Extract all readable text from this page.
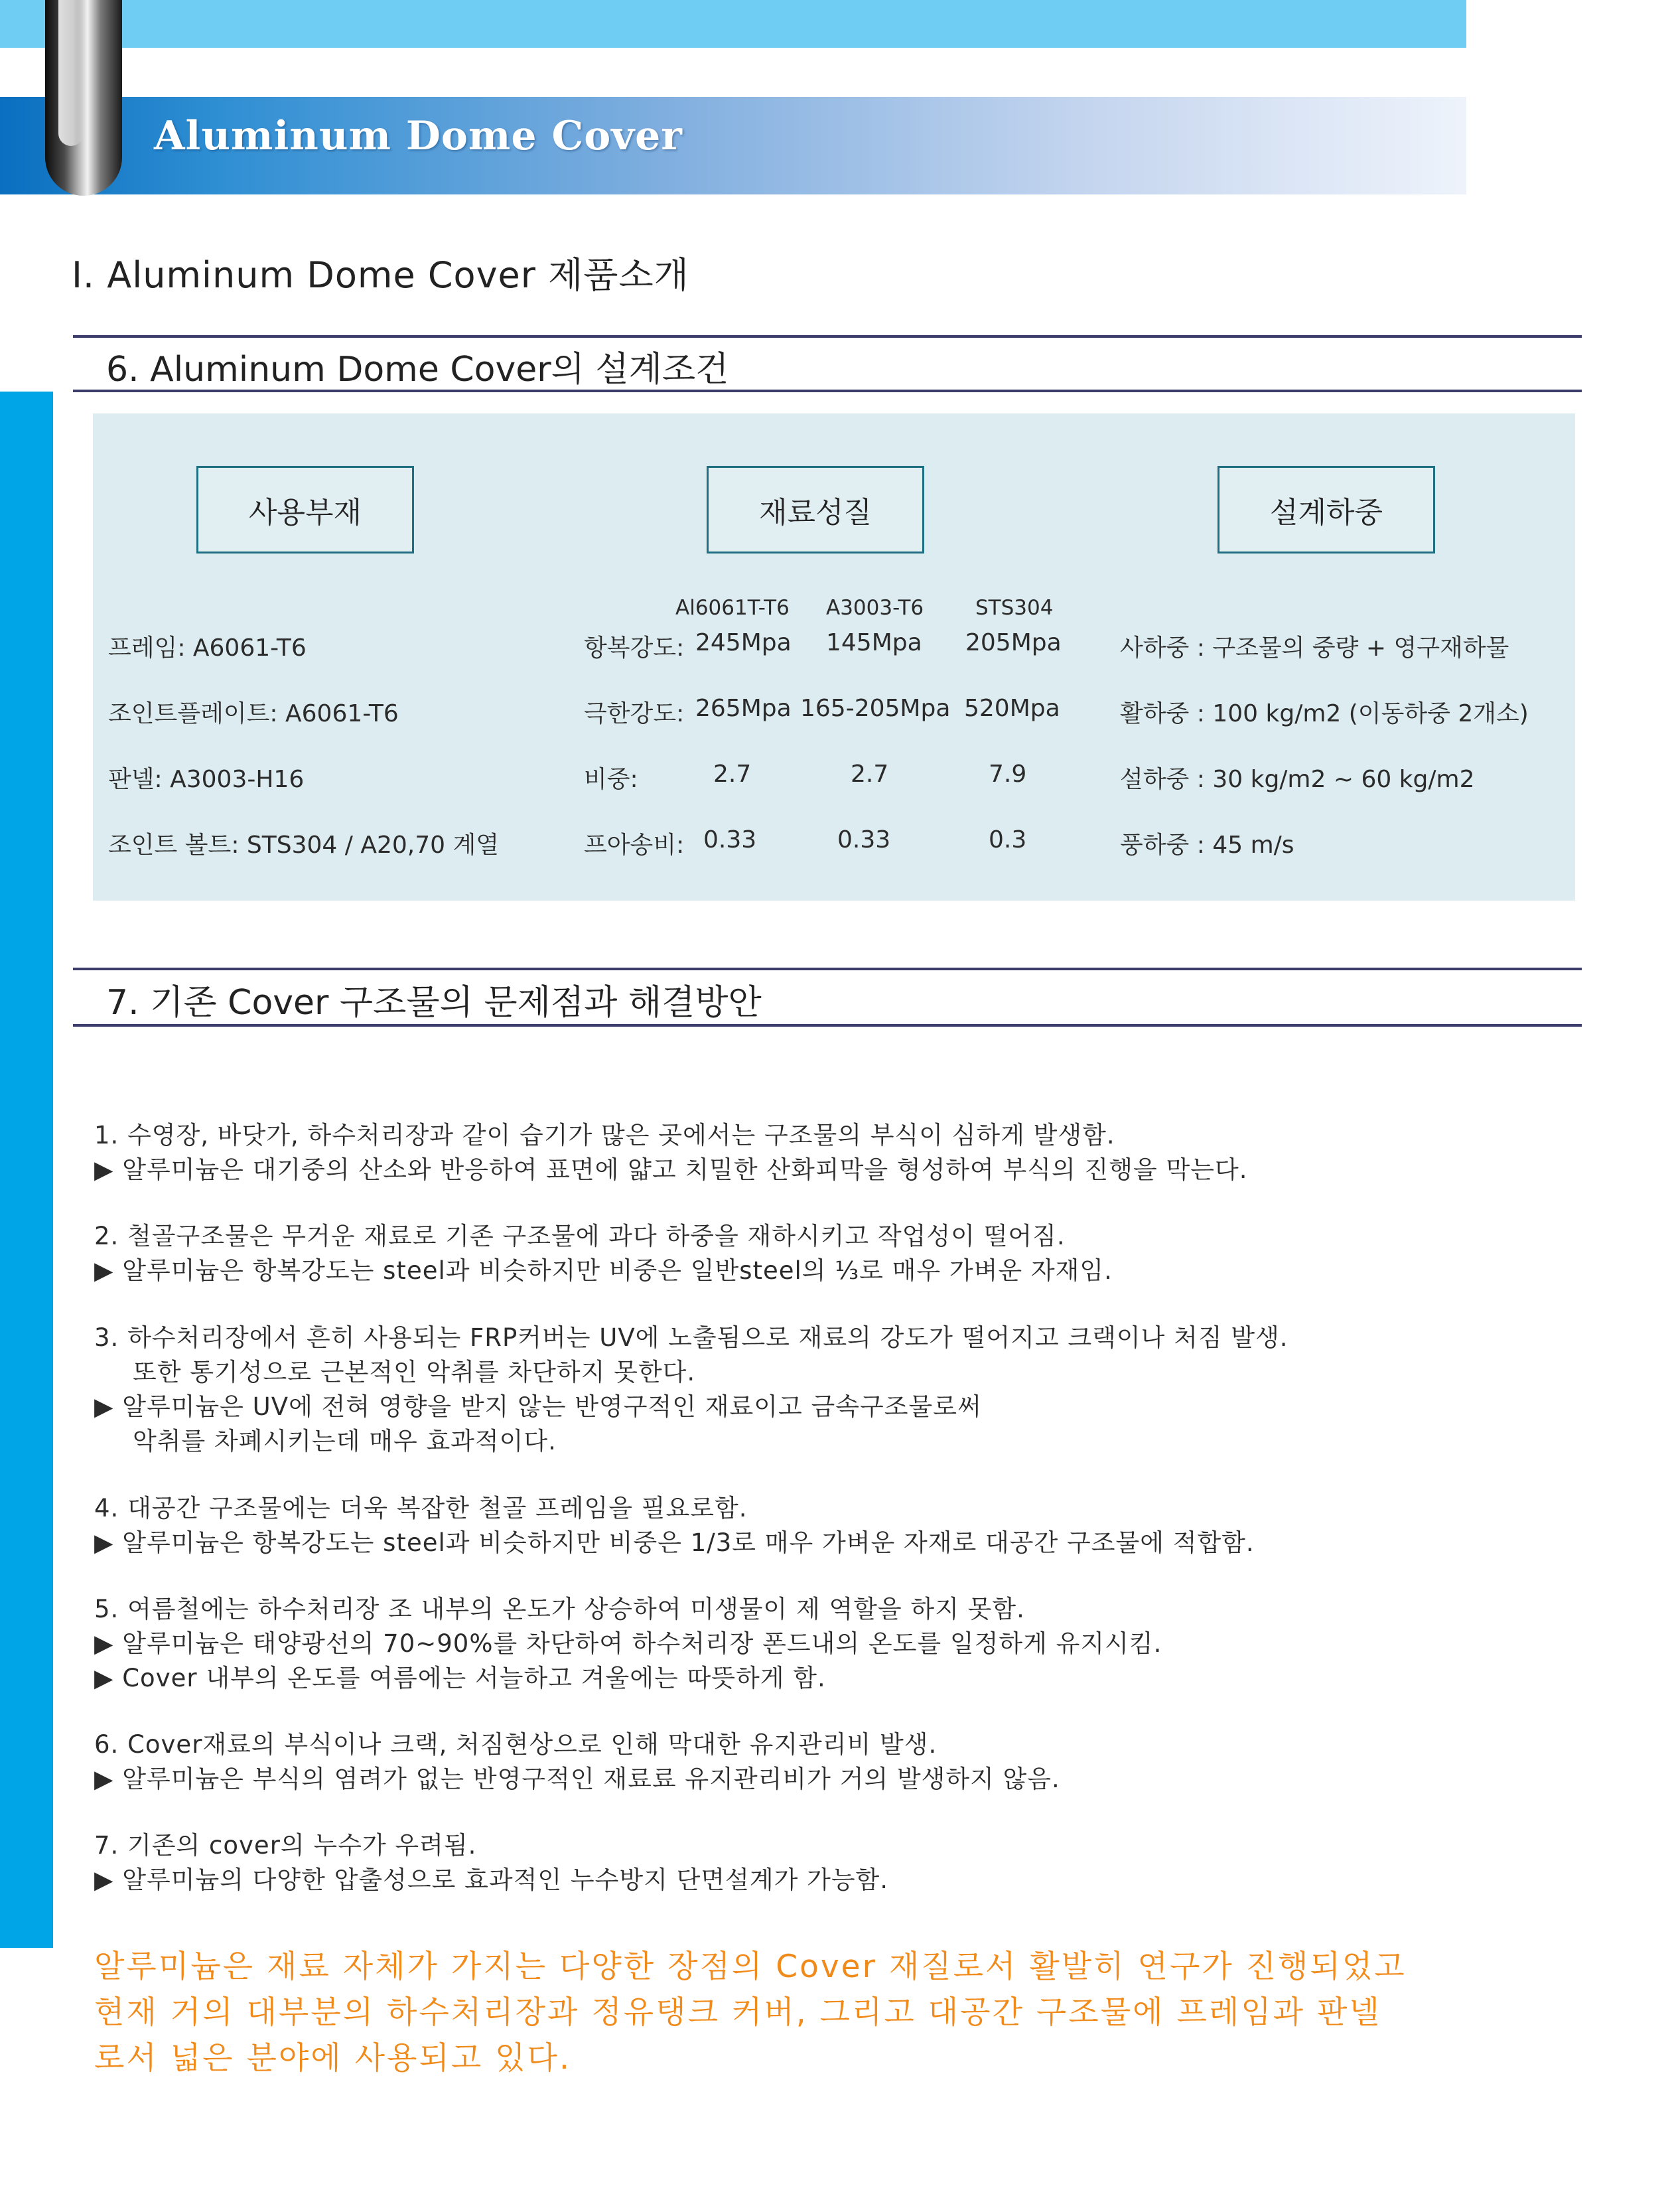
Aluminum Dome Cover
Ⅰ. Aluminum Dome Cover 제품소개
6. Aluminum Dome Cover의 설계조건
사용부재	재료성질	설계하중
프레임: A6061-T6
조인트플레이트: A6061-T6
판넬: A3003-H16
조인트 볼트: STS304 / A20,70 계열
Al6061T-T6 A3003-T6	STS304
항복강도: 245Mpa 145Mpa 205Mpa
극한강도: 265Mpa 165-205Mpa 520Mpa
비중:	2.7	2.7	7.9
프아송비: 0.33	0.33	0.3
사하중 : 구조물의 중량 + 영구재하물
활하중 : 100 kg/m2 (이동하중 2개소)
설하중 : 30 kg/m2 ~ 60 kg/m2
풍하중 : 45 m/s
7. 기존 Cover 구조물의 문제점과 해결방안
1. 수영장, 바닷가, 하수처리장과 같이 습기가 많은 곳에서는 구조물의 부식이 심하게 발생함.
▶ 알루미늄은 대기중의 산소와 반응하여 표면에 얇고 치밀한 산화피막을 형성하여 부식의 진행을 막는다.
2. 철골구조물은 무거운 재료로 기존 구조물에 과다 하중을 재하시키고 작업성이 떨어짐.
▶ 알루미늄은 항복강도는 steel과 비슷하지만 비중은 일반steel의 ⅓로 매우 가벼운 자재임.
3. 하수처리장에서 흔히 사용되는 FRP커버는 UV에 노출됨으로 재료의 강도가 떨어지고 크랙이나 처짐 발생.
또한 통기성으로 근본적인 악취를 차단하지 못한다.
▶ 알루미늄은 UV에 전혀 영향을 받지 않는 반영구적인 재료이고 금속구조물로써
악취를 차폐시키는데 매우 효과적이다.
4. 대공간 구조물에는 더욱 복잡한 철골 프레임을 필요로함.
▶ 알루미늄은 항복강도는 steel과 비슷하지만 비중은 1/3로 매우 가벼운 자재로 대공간 구조물에 적합함.
5. 여름철에는 하수처리장 조 내부의 온도가 상승하여 미생물이 제 역할을 하지 못함.
▶ 알루미늄은 태양광선의 70~90%를 차단하여 하수처리장 폰드내의 온도를 일정하게 유지시킴.
▶ Cover 내부의 온도를 여름에는 서늘하고 겨울에는 따뜻하게 함.
6. Cover재료의 부식이나 크랙, 처짐현상으로 인해 막대한 유지관리비 발생.
▶ 알루미늄은 부식의 염려가 없는 반영구적인 재료료 유지관리비가 거의 발생하지 않음.
7. 기존의 cover의 누수가 우려됨.
▶ 알루미늄의 다양한 압출성으로 효과적인 누수방지 단면설계가 가능함.
알루미늄은 재료 자체가 가지는 다양한 장점의 Cover 재질로서 활발히 연구가 진행되었고
현재 거의 대부분의 하수처리장과 정유탱크 커버, 그리고 대공간 구조물에 프레임과 판넬
로서 넓은 분야에 사용되고 있다.
